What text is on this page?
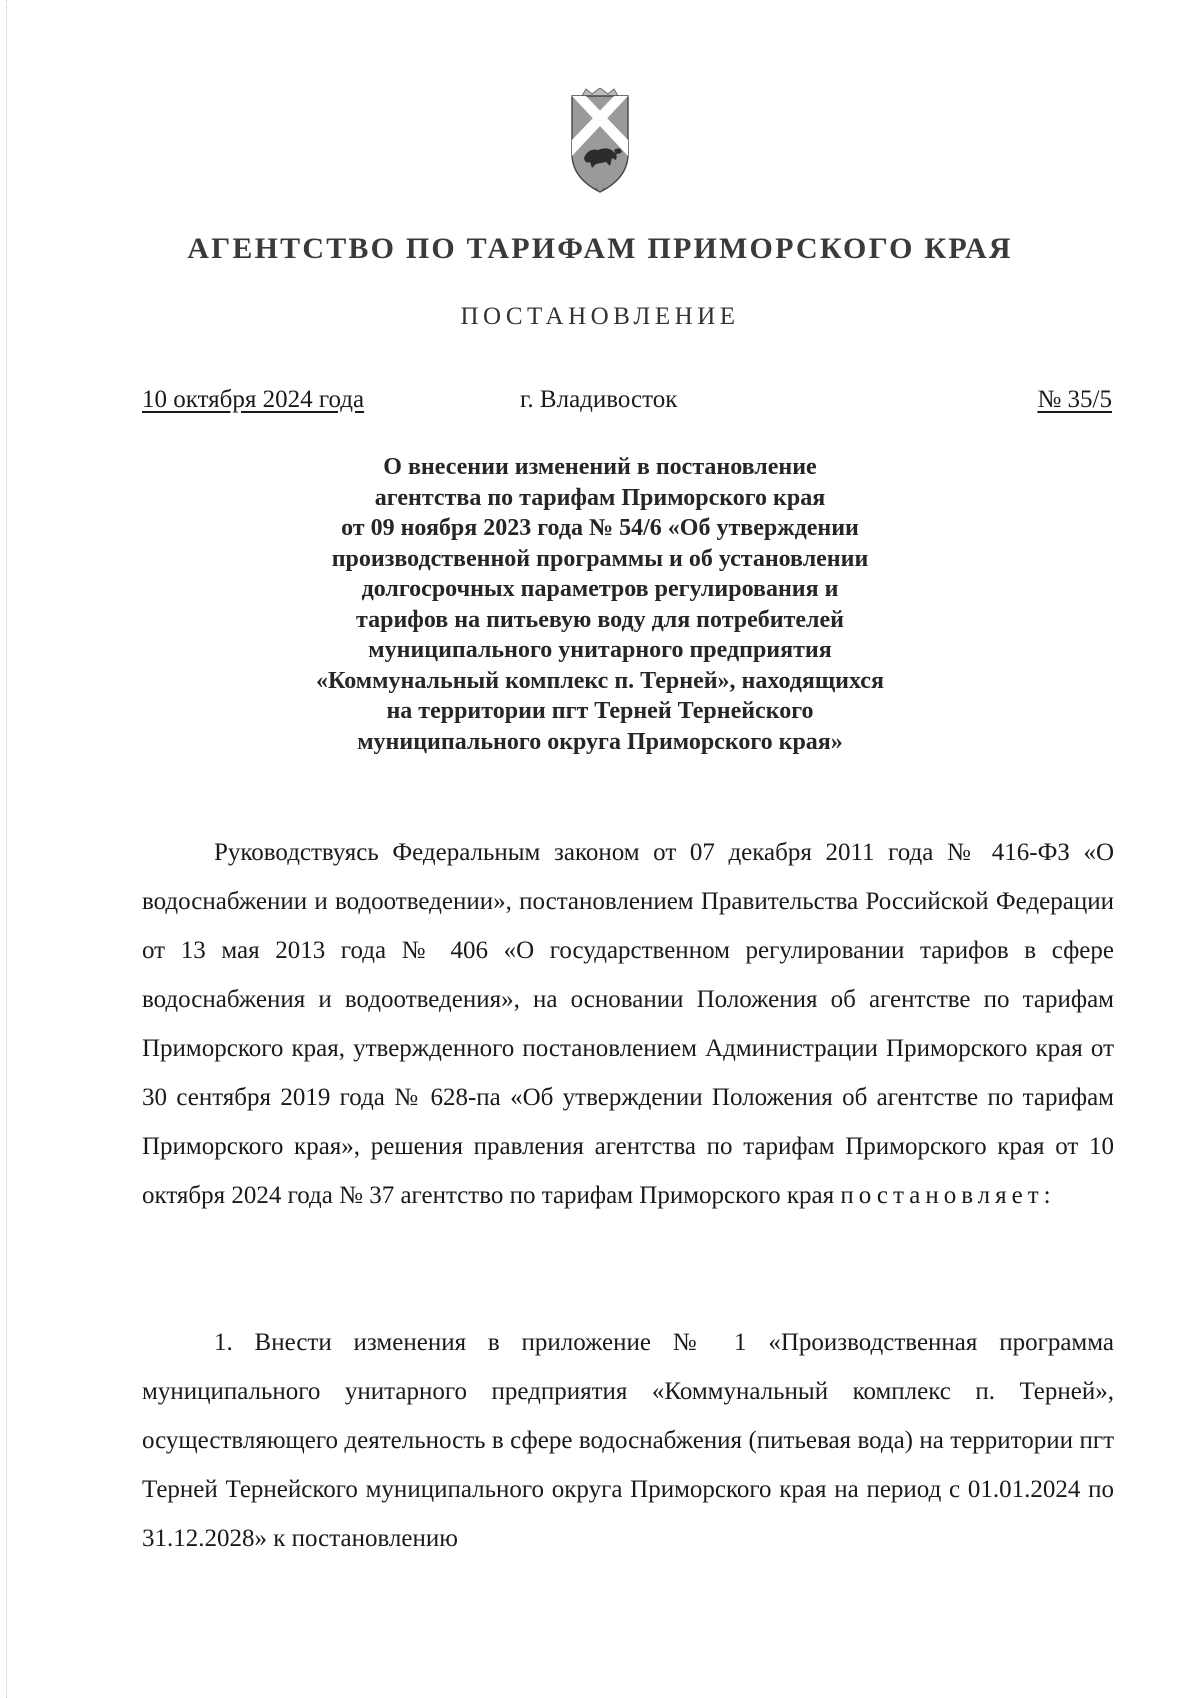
АГЕНТСТВО ПО ТАРИФАМ ПРИМОРСКОГО КРАЯ
ПОСТАНОВЛЕНИЕ
10 октября 2024 года	г. Владивосток	№ 35/5
О внесении изменений в постановление
агентства по тарифам Приморского края
от 09 ноября 2023 года № 54/6 «Об утверждении
производственной программы и об установлении
долгосрочных параметров регулирования и
тарифов на питьевую воду для потребителей
муниципального унитарного предприятия
«Коммунальный комплекс п. Терней», находящихся
на территории пгт Терней Тернейского
муниципального округа Приморского края»
Руководствуясь Федеральным законом от 07 декабря 2011 года № 416-ФЗ «О водоснабжении и водоотведении», постановлением Правительства Российской Федерации от 13 мая 2013 года № 406 «О государственном регулировании тарифов в сфере водоснабжения и водоотведения», на основании Положения об агентстве по тарифам Приморского края, утвержденного постановлением Администрации Приморского края от 30 сентября 2019 года № 628-па «Об утверждении Положения об агентстве по тарифам Приморского края», решения правления агентства по тарифам Приморского края от 10 октября 2024 года № 37 агентство по тарифам Приморского края постановляет:
1. Внести изменения в приложение № 1 «Производственная программа муниципального унитарного предприятия «Коммунальный комплекс п. Терней», осуществляющего деятельность в сфере водоснабжения (питьевая вода) на территории пгт Терней Тернейского муниципального округа Приморского края на период с 01.01.2024 по 31.12.2028» к постановлению
